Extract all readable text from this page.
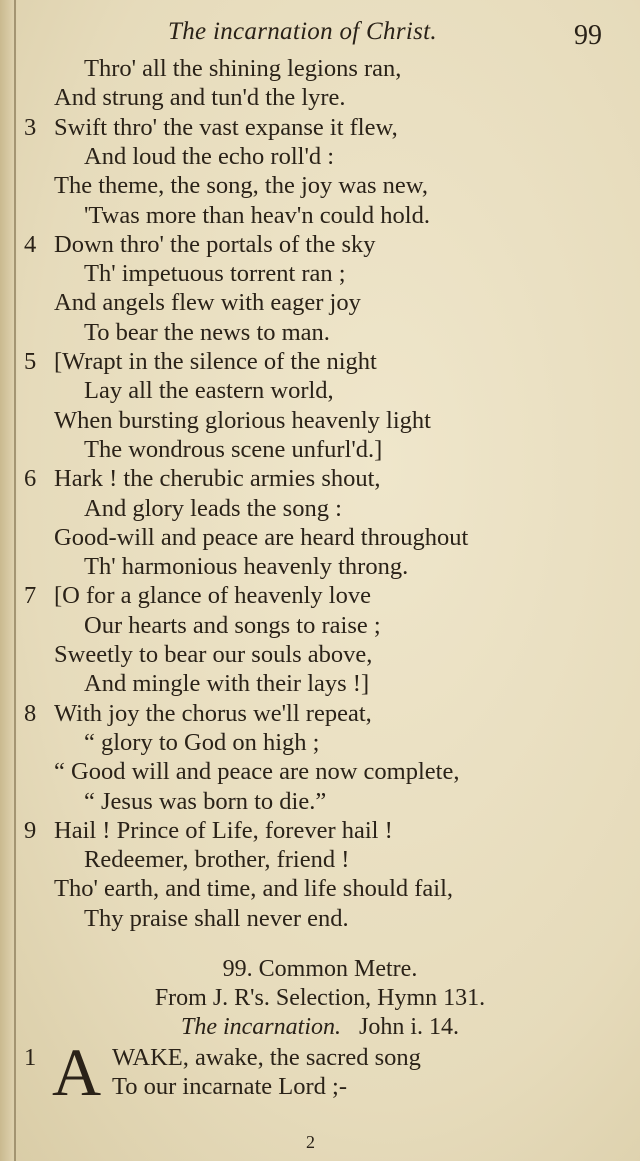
The incarnation of Christ.	99
Thro' all the shining legions ran,
And strung and tun'd the lyre.
3 Swift thro' the vast expanse it flew,
And loud the echo roll'd :
The theme, the song, the joy was new,
'Twas more than heav'n could hold.
4 Down thro' the portals of the sky
Th' impetuous torrent ran ;
And angels flew with eager joy
To bear the news to man.
5 [Wrapt in the silence of the night
Lay all the eastern world,
When bursting glorious heavenly light
The wondrous scene unfurl'd.]
6 Hark ! the cherubic armies shout,
And glory leads the song :
Good-will and peace are heard throughout
Th' harmonious heavenly throng.
7 [O for a glance of heavenly love
Our hearts and songs to raise ;
Sweetly to bear our souls above,
And mingle with their lays !]
8 With joy the chorus we'll repeat,
“ glory to God on high ;
“ Good will and peace are now complete,
“ Jesus was born to die.”
9 Hail ! Prince of Life, forever hail !
Redeemer, brother, friend !
Tho' earth, and time, and life should fail,
Thy praise shall never end.
99. Common Metre.
From J. R's. Selection, Hymn 131.
The incarnation. John i. 14.
1	WAKE, awake, the sacred song
To our incarnate Lord ;-
A
2
